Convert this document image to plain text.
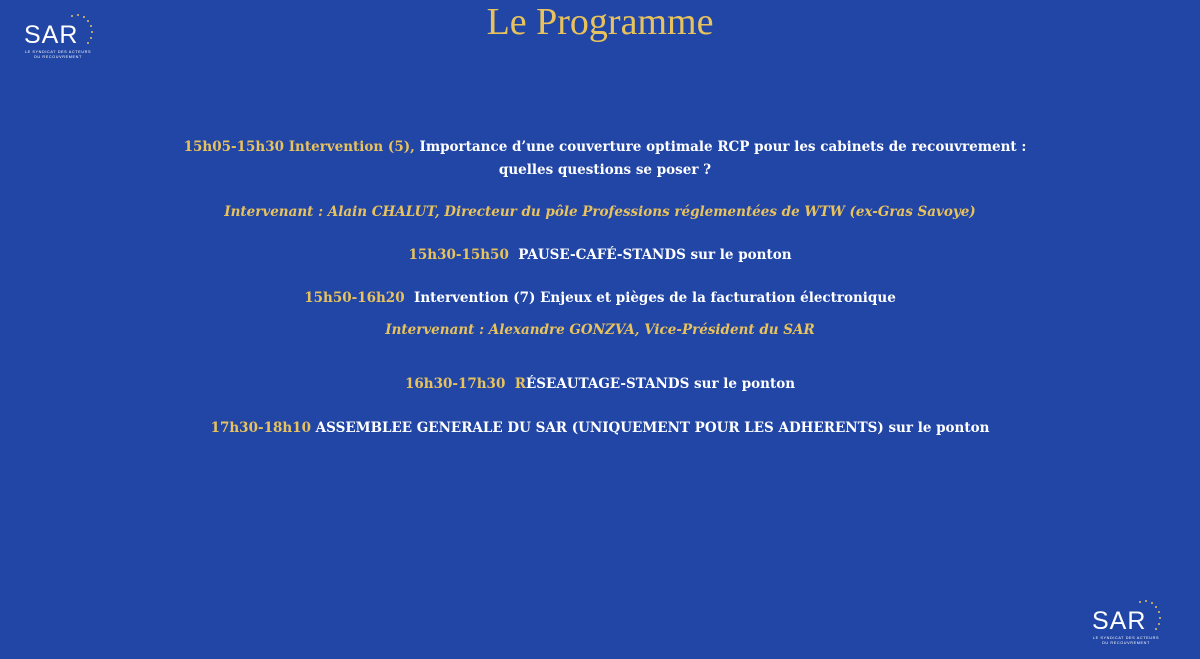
SAR
LE SYNDICAT DES ACTEURS
DU RECOUVREMENT
Le Programme
15h05-15h30 Intervention (5), Importance d’une couverture optimale RCP pour les cabinets de recouvrement : quelles questions se poser ?
Intervenant : Alain CHALUT, Directeur du pôle Professions réglementées de WTW (ex-Gras Savoye)
15h30-15h50 PAUSE-CAFÉ-STANDS sur le ponton
15h50-16h20 Intervention (7) Enjeux et pièges de la facturation électronique
Intervenant : Alexandre GONZVA, Vice-Président du SAR
16h30-17h30 RÉSEAUTAGE-STANDS sur le ponton
17h30-18h10 ASSEMBLEE GENERALE DU SAR (UNIQUEMENT POUR LES ADHERENTS) sur le ponton
SAR
LE SYNDICAT DES ACTEURS
DU RECOUVREMENT
